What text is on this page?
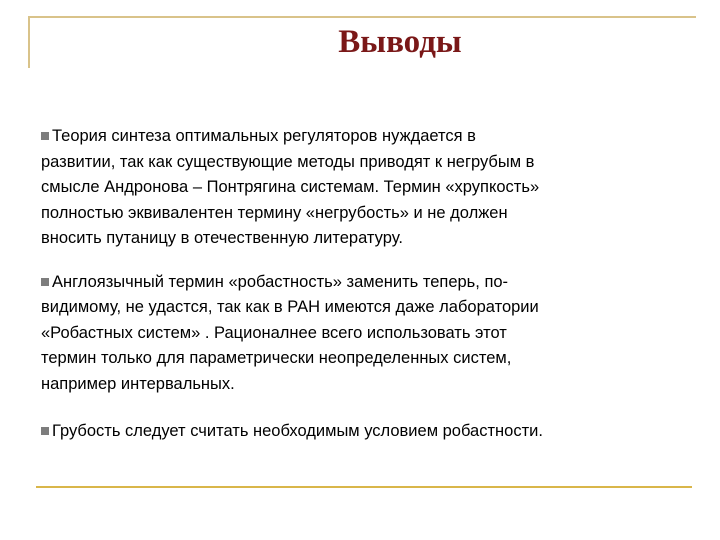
Выводы

Теория синтеза оптимальных регуляторов нуждается в
развитии, так как существующие методы приводят к негрубым в
смысле Андронова – Понтрягина системам. Термин «хрупкость»
полностью эквивалентен термину «негрубость» и не должен
вносить путаницу в отечественную литературу.

Англоязычный термин «робастность» заменить теперь, по-
видимому, не удастся, так как в РАН имеются даже лаборатории
«Робастных систем» . Рационалнее всего использовать этот
термин только для параметрически неопределенных систем,
например интервальных.

Грубость следует считать необходимым условием робастности.
